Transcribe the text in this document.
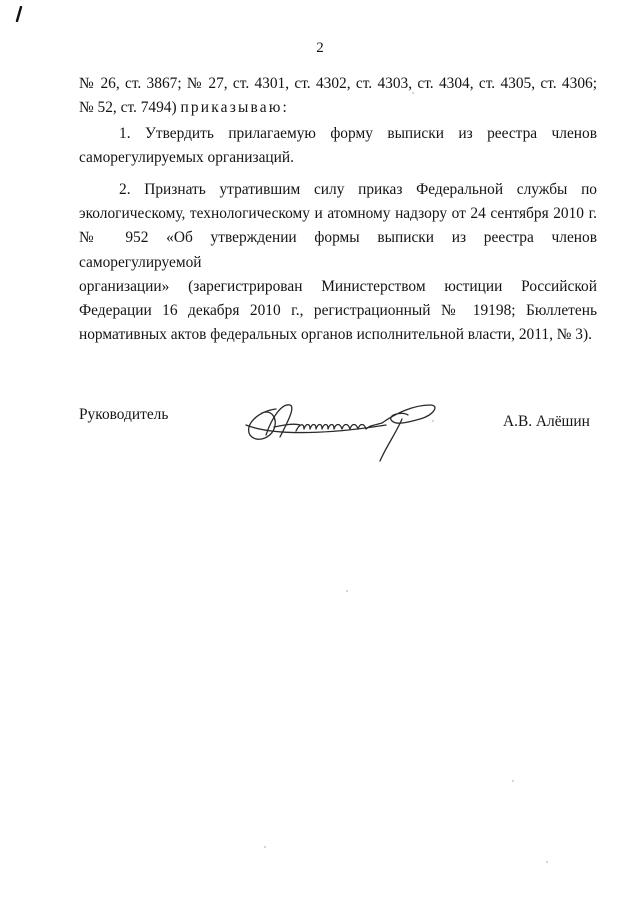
2
№ 26, ст. 3867; № 27, ст. 4301, ст. 4302, ст. 4303, ст. 4304, ст. 4305, ст. 4306;
№ 52, ст. 7494) приказываю:
1. Утвердить прилагаемую форму выписки из реестра членов
саморегулируемых организаций.
2. Признать утратившим силу приказ Федеральной службы по
экологическому, технологическому и атомному надзору от 24 сентября 2010 г.
№ 952 «Об утверждении формы выписки из реестра членов саморегулируемой
организации» (зарегистрирован Министерством юстиции Российской
Федерации 16 декабря 2010 г., регистрационный № 19198; Бюллетень
нормативных актов федеральных органов исполнительной власти, 2011, № 3).
Руководитель	А.В. Алёшин
